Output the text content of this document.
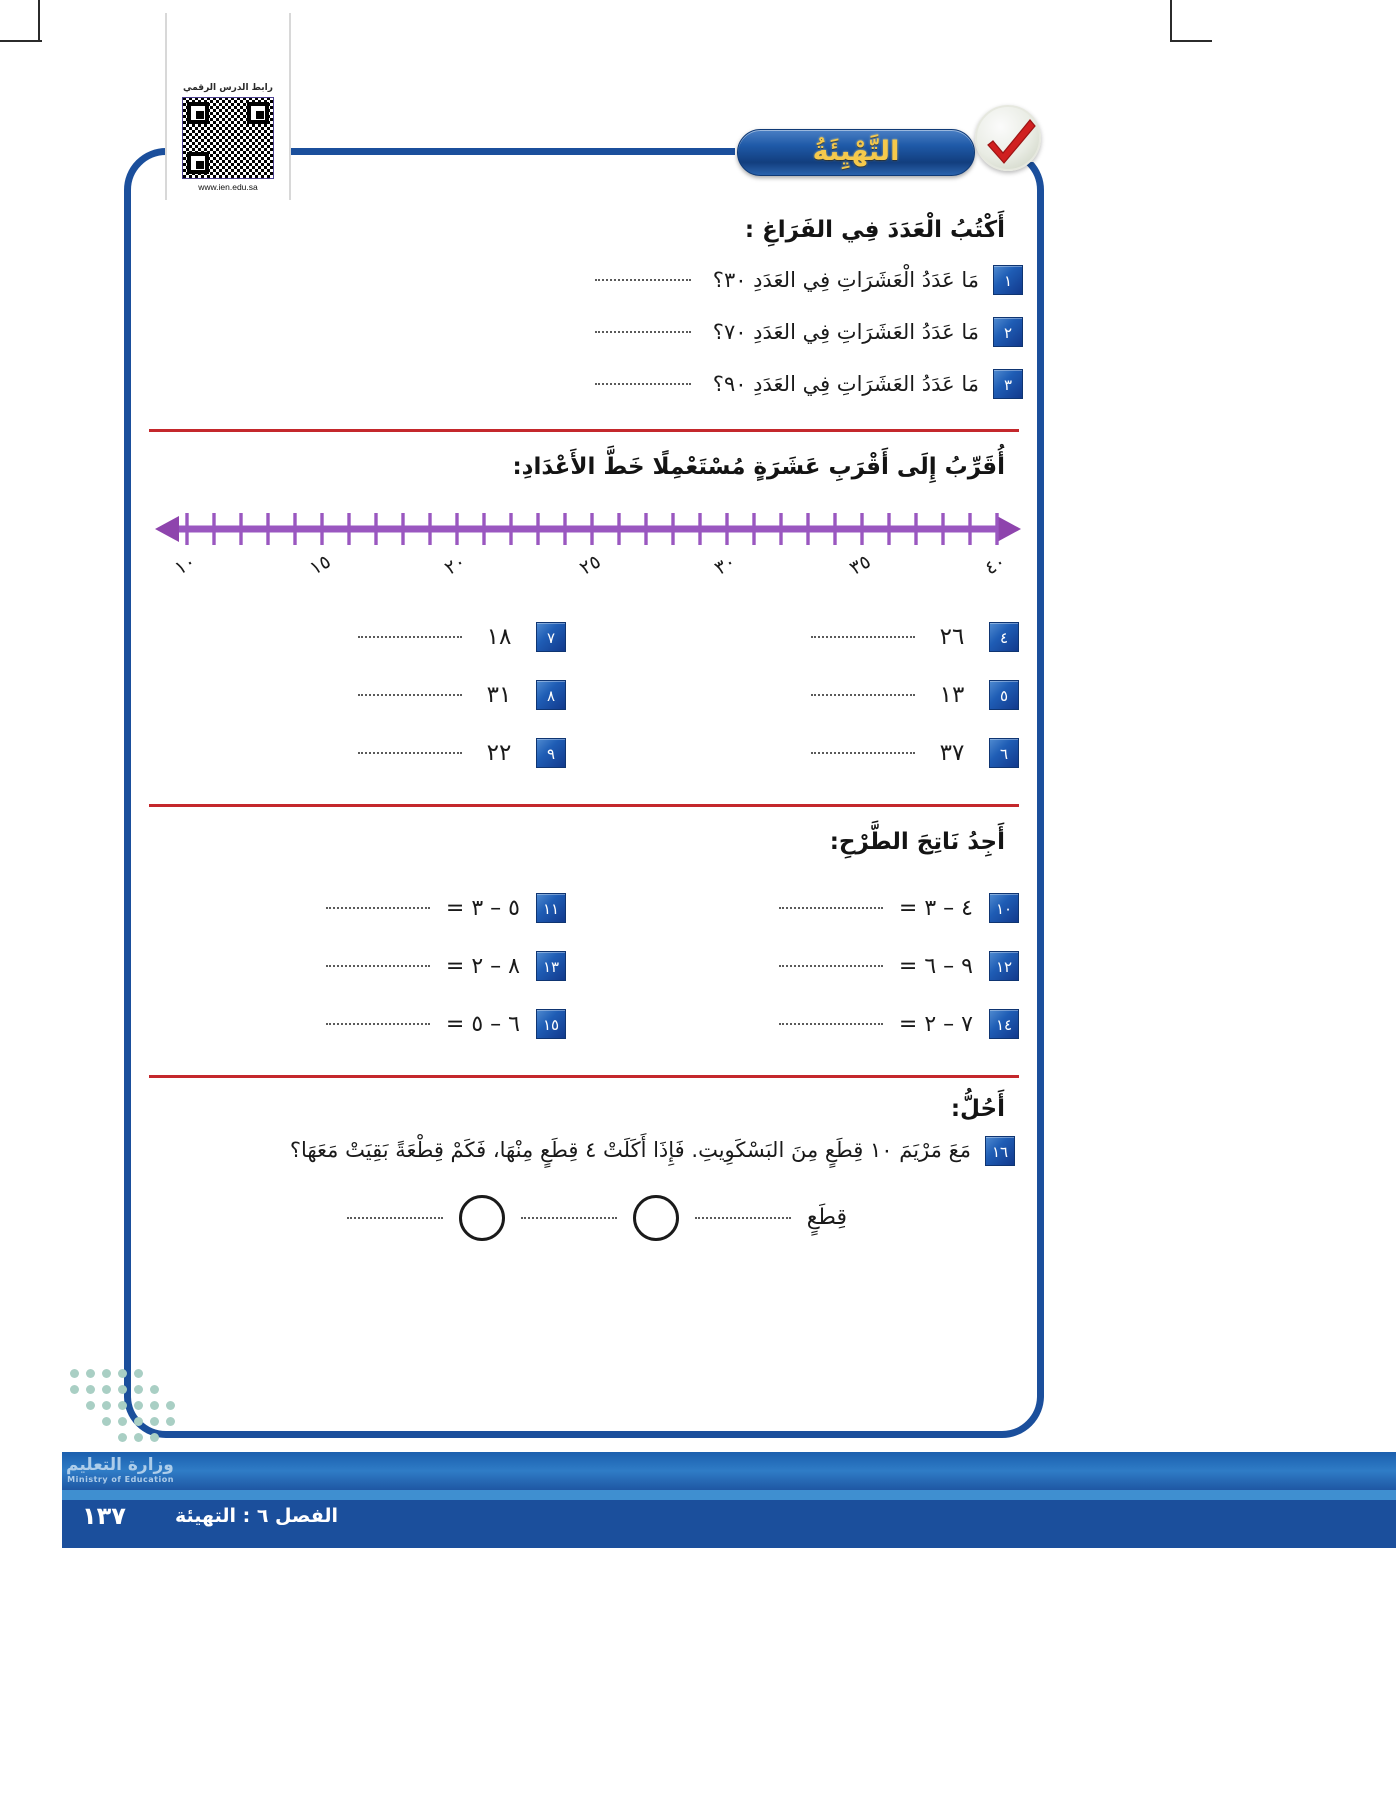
التَّهْيِئَةُ
رابط الدرس الرقمي
www.ien.edu.sa
أَكْتُبُ الْعَدَدَ فِي الفَرَاغِ :
١
مَا عَدَدُ الْعَشَرَاتِ فِي العَدَدِ ٣٠؟
٢
مَا عَدَدُ العَشَرَاتِ فِي العَدَدِ ٧٠؟
٣
مَا عَدَدُ العَشَرَاتِ فِي العَدَدِ ٩٠؟
أُقَرِّبُ إِلَى أَقْرَبِ عَشَرَةٍ مُسْتَعْمِلًا خَطَّ الأَعْدَادِ:
١٠	١٥	٢٠	٢٥	٣٠	٣٥	٤٠
٤
٢٦
٧
١٨
٥
١٣
٨
٣١
٦
٣٧
٩
٢٢
أَجِدُ نَاتِجَ الطَّرْحِ:
١٠
٤ – ٣ =
١١
٥ – ٣ =
١٢
٩ – ٦ =
١٣
٨ – ٢ =
١٤
٧ – ٢ =
١٥
٦ – ٥ =
أَحُلُّ:
١٦
مَعَ مَرْيَمَ ١٠ قِطَعٍ مِنَ البَسْكَوِيتِ. فَإِذَا أَكَلَتْ ٤ قِطَعٍ مِنْهَا، فَكَمْ قِطْعَةً بَقِيَتْ مَعَهَا؟
قِطَعٍ
وزارة التعليم
Ministry of Education
١٣٧	الفصل ٦ : التهيئة
